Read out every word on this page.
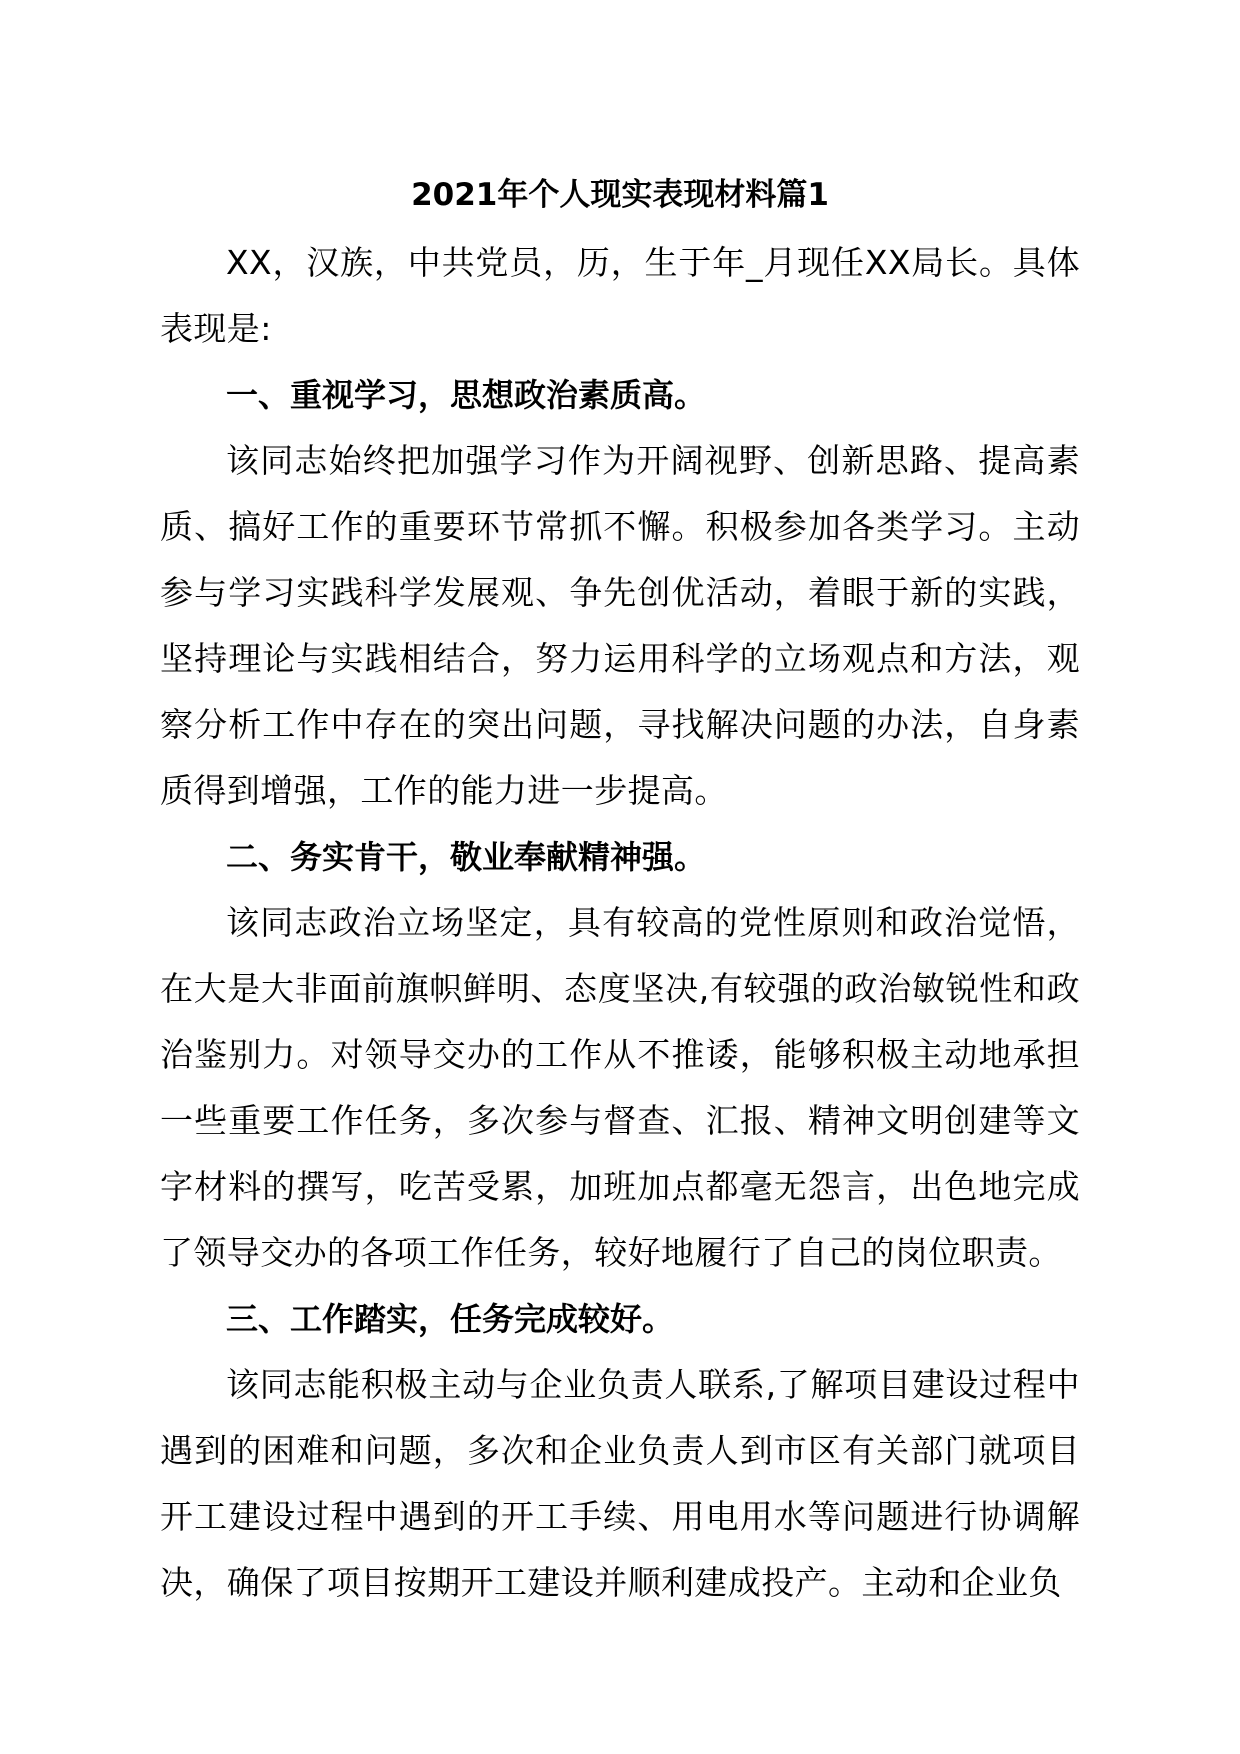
2021年个人现实表现材料篇1

XX，汉族，中共党员，历，生于年_月现任XX局长。具体表现是:

一、重视学习，思想政治素质高。

该同志始终把加强学习作为开阔视野、创新思路、提高素质、搞好工作的重要环节常抓不懈。积极参加各类学习。主动参与学习实践科学发展观、争先创优活动，着眼于新的实践，坚持理论与实践相结合，努力运用科学的立场观点和方法，观察分析工作中存在的突出问题，寻找解决问题的办法，自身素质得到增强，工作的能力进一步提高。

二、务实肯干，敬业奉献精神强。

该同志政治立场坚定，具有较高的党性原则和政治觉悟，在大是大非面前旗帜鲜明、态度坚决,有较强的政治敏锐性和政治鉴别力。对领导交办的工作从不推诿，能够积极主动地承担一些重要工作任务，多次参与督查、汇报、精神文明创建等文字材料的撰写，吃苦受累，加班加点都毫无怨言，出色地完成了领导交办的各项工作任务，较好地履行了自己的岗位职责。

三、工作踏实，任务完成较好。

该同志能积极主动与企业负责人联系,了解项目建设过程中遇到的困难和问题，多次和企业负责人到市区有关部门就项目开工建设过程中遇到的开工手续、用电用水等问题进行协调解决，确保了项目按期开工建设并顺利建成投产。主动和企业负
